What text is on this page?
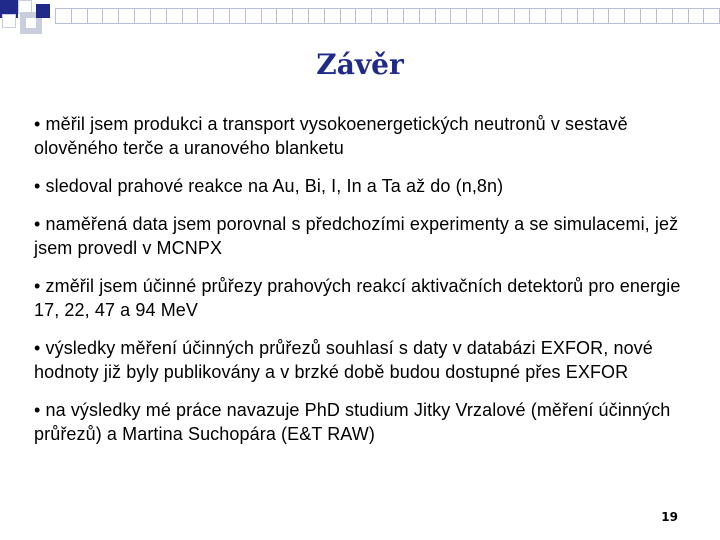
Závěr

• měřil jsem produkci a transport vysokoenergetických neutronů v sestavě olověného terče a uranového blanketu

• sledoval prahové reakce na Au, Bi, I, In a Ta až do (n,8n)

• naměřená data jsem porovnal s předchozími experimenty a se simulacemi, jež jsem provedl v MCNPX

• změřil jsem účinné průřezy prahových reakcí aktivačních detektorů pro energie 17, 22, 47 a 94 MeV

• výsledky měření účinných průřezů souhlasí s daty v databázi EXFOR, nové hodnoty již byly publikovány a v brzké době budou dostupné přes EXFOR

• na výsledky mé práce navazuje PhD studium Jitky Vrzalové (měření účinných průřezů) a Martina Suchopára (E&T RAW)

19
